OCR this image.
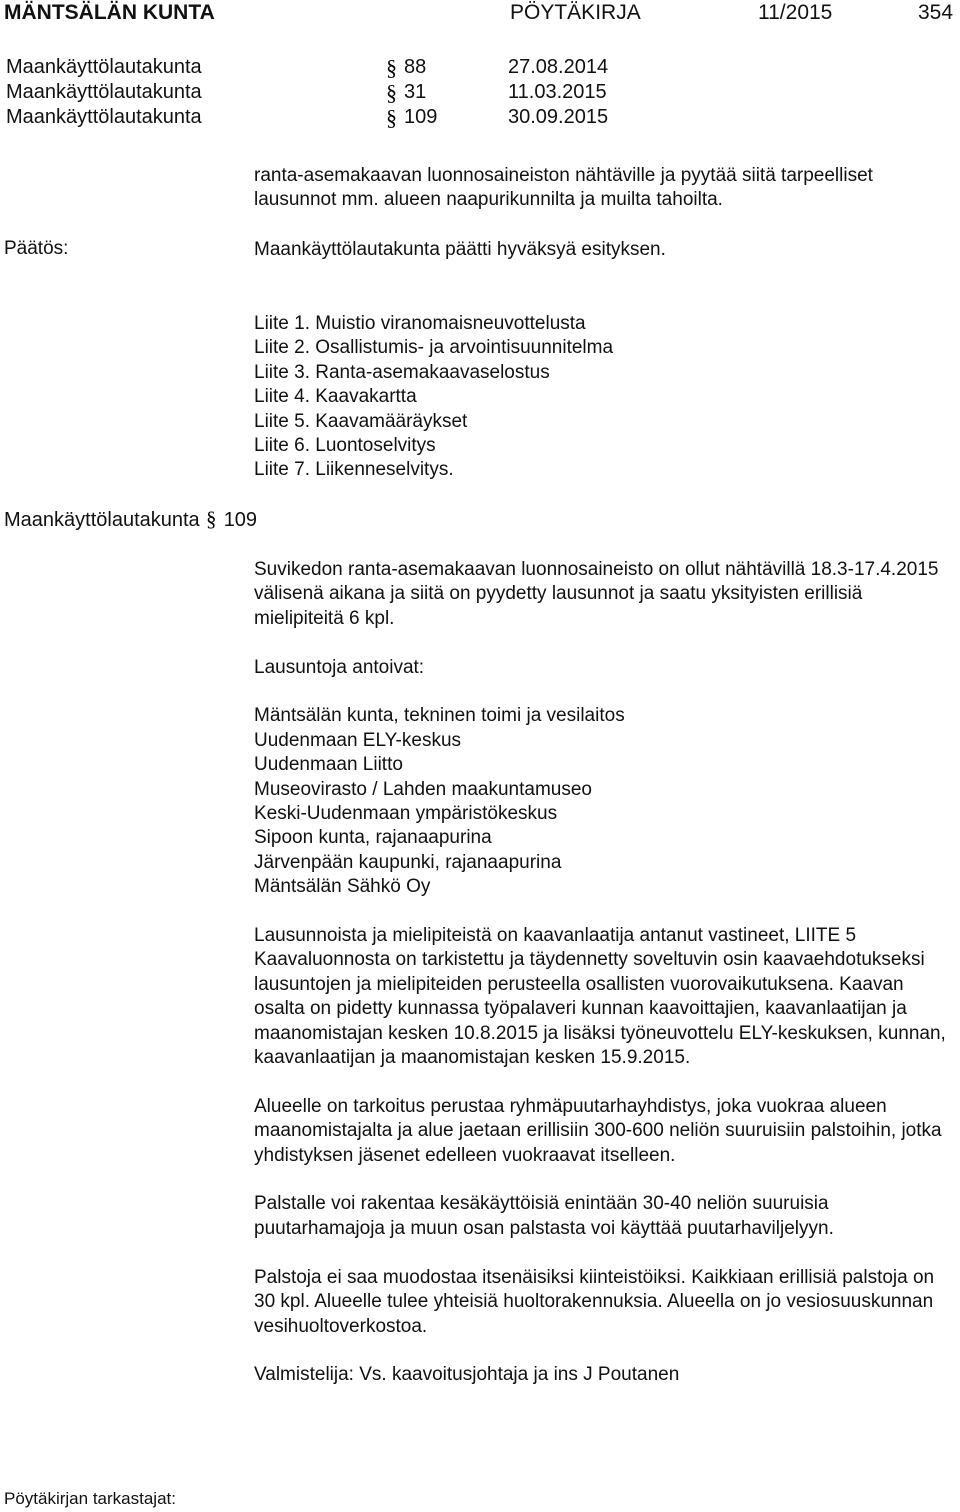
MÄNTSÄLÄN KUNTA	PÖYTÄKIRJA	11/2015	354
Maankäyttölautakunta	§ 88	27.08.2014
Maankäyttölautakunta	§ 31	11.03.2015
Maankäyttölautakunta	§ 109	30.09.2015
ranta-asemakaavan luonnosaineiston nähtäville ja pyytää siitä tarpeelliset lausunnot mm. alueen naapurikunnilta ja muilta tahoilta.
Päätös:	Maankäyttölautakunta päätti hyväksyä esityksen.
Liite 1. Muistio viranomaisneuvottelusta
Liite 2. Osallistumis- ja arvointisuunnitelma
Liite 3. Ranta-asemakaavaselostus
Liite 4. Kaavakartta
Liite 5. Kaavamääräykset
Liite 6. Luontoselvitys
Liite 7. Liikenneselvitys.
Maankäyttölautakunta § 109

Suvikedon ranta-asemakaavan luonnosaineisto on ollut nähtävillä 18.3-17.4.2015 välisenä aikana ja siitä on pyydetty lausunnot ja saatu yksityisten erillisiä mielipiteitä 6 kpl.

Lausuntoja antoivat:

Mäntsälän kunta, tekninen toimi ja vesilaitos
Uudenmaan ELY-keskus
Uudenmaan Liitto
Museovirasto / Lahden maakuntamuseo
Keski-Uudenmaan ympäristökeskus
Sipoon kunta, rajanaapurina
Järvenpään kaupunki, rajanaapurina
Mäntsälän Sähkö Oy

Lausunnoista ja mielipiteistä on kaavanlaatija antanut vastineet, LIITE 5 Kaavaluonnosta on tarkistettu ja täydennetty soveltuvin osin kaavaehdotukseksi lausuntojen ja mielipiteiden perusteella osallisten vuorovaikutuksena. Kaavan osalta on pidetty kunnassa työpalaveri kunnan kaavoittajien, kaavanlaatijan ja maanomistajan kesken 10.8.2015 ja lisäksi työneuvottelu ELY-keskuksen, kunnan, kaavanlaatijan ja maanomistajan kesken 15.9.2015.

Alueelle on tarkoitus perustaa ryhmäpuutarhayhdistys, joka vuokraa alueen maanomistajalta ja alue jaetaan erillisiin 300-600 neliön suuruisiin palstoihin, jotka yhdistyksen jäsenet edelleen vuokraavat itselleen.

Palstalle voi rakentaa kesäkäyttöisiä enintään 30-40 neliön suuruisia puutarhamajoja ja muun osan palstasta voi käyttää puutarhaviljelyyn.

Palstoja ei saa muodostaa itsenäisiksi kiinteistöiksi. Kaikkiaan erillisiä palstoja on 30 kpl. Alueelle tulee yhteisiä huoltorakennuksia. Alueella on jo vesiosuuskunnan vesihuoltoverkostoa.

Valmistelija: Vs. kaavoitusjohtaja ja ins J Poutanen

Pöytäkirjan tarkastajat:
